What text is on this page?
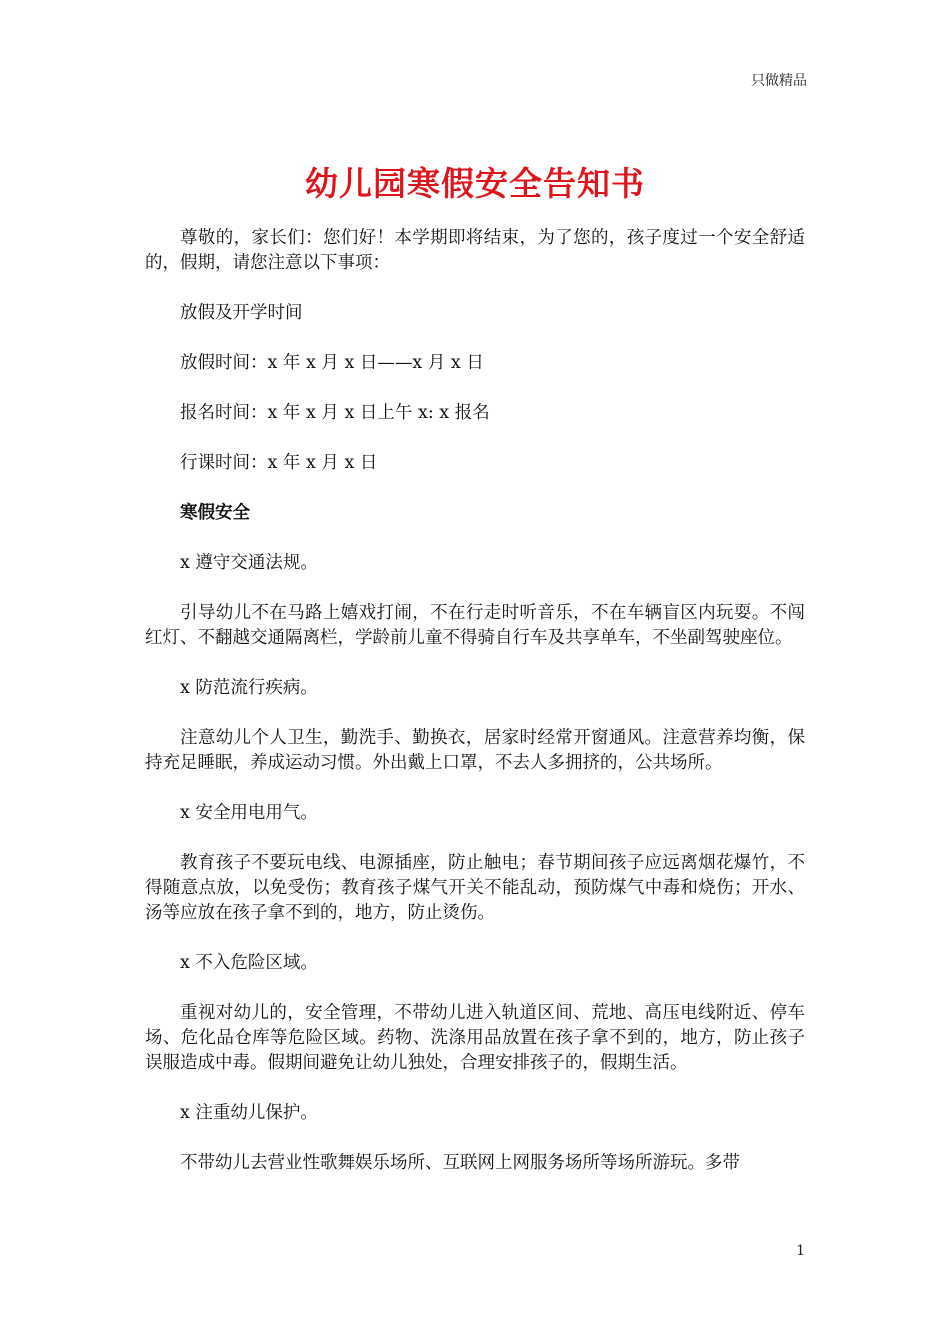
只做精品
幼儿园寒假安全告知书

尊敬的，家长们：您们好！本学期即将结束，为了您的，孩子度过一个安全舒适的，假期，请您注意以下事项：

放假及开学时间

放假时间：x 年 x 月 x 日——x 月 x 日

报名时间：x 年 x 月 x 日上午 x: x 报名

行课时间：x 年 x 月 x 日

寒假安全

x 遵守交通法规。

引导幼儿不在马路上嬉戏打闹，不在行走时听音乐，不在车辆盲区内玩耍。不闯红灯、不翻越交通隔离栏，学龄前儿童不得骑自行车及共享单车，不坐副驾驶座位。

x 防范流行疾病。

注意幼儿个人卫生，勤洗手、勤换衣，居家时经常开窗通风。注意营养均衡，保持充足睡眠，养成运动习惯。外出戴上口罩，不去人多拥挤的，公共场所。

x 安全用电用气。

教育孩子不要玩电线、电源插座，防止触电；春节期间孩子应远离烟花爆竹，不得随意点放，以免受伤；教育孩子煤气开关不能乱动，预防煤气中毒和烧伤；开水、汤等应放在孩子拿不到的，地方，防止烫伤。

x 不入危险区域。

重视对幼儿的，安全管理，不带幼儿进入轨道区间、荒地、高压电线附近、停车场、危化品仓库等危险区域。药物、洗涤用品放置在孩子拿不到的，地方，防止孩子误服造成中毒。假期间避免让幼儿独处，合理安排孩子的，假期生活。

x 注重幼儿保护。

不带幼儿去营业性歌舞娱乐场所、互联网上网服务场所等场所游玩。多带

1
